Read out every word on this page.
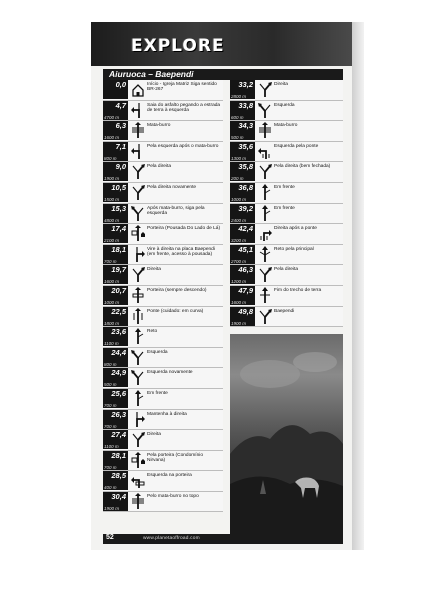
EXPLORE
Aiuruoca – Baependi
0,0	Início - Igreja Matriz Siga sentido BR-267
4,7
4700 m
Saia do asfalto pegando a estrada de terra à esquerda
6,3
1600 m
Mata-burro
7,1
800 m
Pela esquerda após o mata-burro
9,0
1900 m
Pela direita
10,5
1500 m
Pela direita novamente
15,3
4800 m
Após mata-burro, siga pela esquerda
17,4
2100 m
Porteira (Pousada Do Lado de Lá)
18,1
700 m
Vire à direita na placa Baependi (em frente, acesso à pousada)
19,7
1600 m
Direita
20,7
1000 m
Porteira (sempre descendo)
22,5
1800 m
Ponte (cuidado: em curva)
23,6
1100 m
Reto
24,4
800 m
Esquerda
24,9
500 m
Esquerda novamente
25,6
700 m
Em frente
26,3
700 m
Mantenha à direita
27,4
1100 m
Direita
28,1
700 m
Pela porteira (Condomínio Nirvana)
28,5
400 m
Esquerda na porteira
30,4
1900 m
Pelo mata-burro no topo
33,2
2800 m
Direita
33,8
600 m
Esquerda
34,3
500 m
Mata-burro
35,6
1300 m
Esquerda pela ponte
35,8
200 m
Pela direita (bem fechada)
36,8
1000 m
Em frente
39,2
2400 m
Em frente
42,4
3200 m
Direita após a ponte
45,1
2700 m
Reto pela principal
46,3
1200 m
Pela direita
47,9
1600 m
Fim do trecho de terra
49,8
1900 m
Baependi
52	www.planetaoffroad.com
